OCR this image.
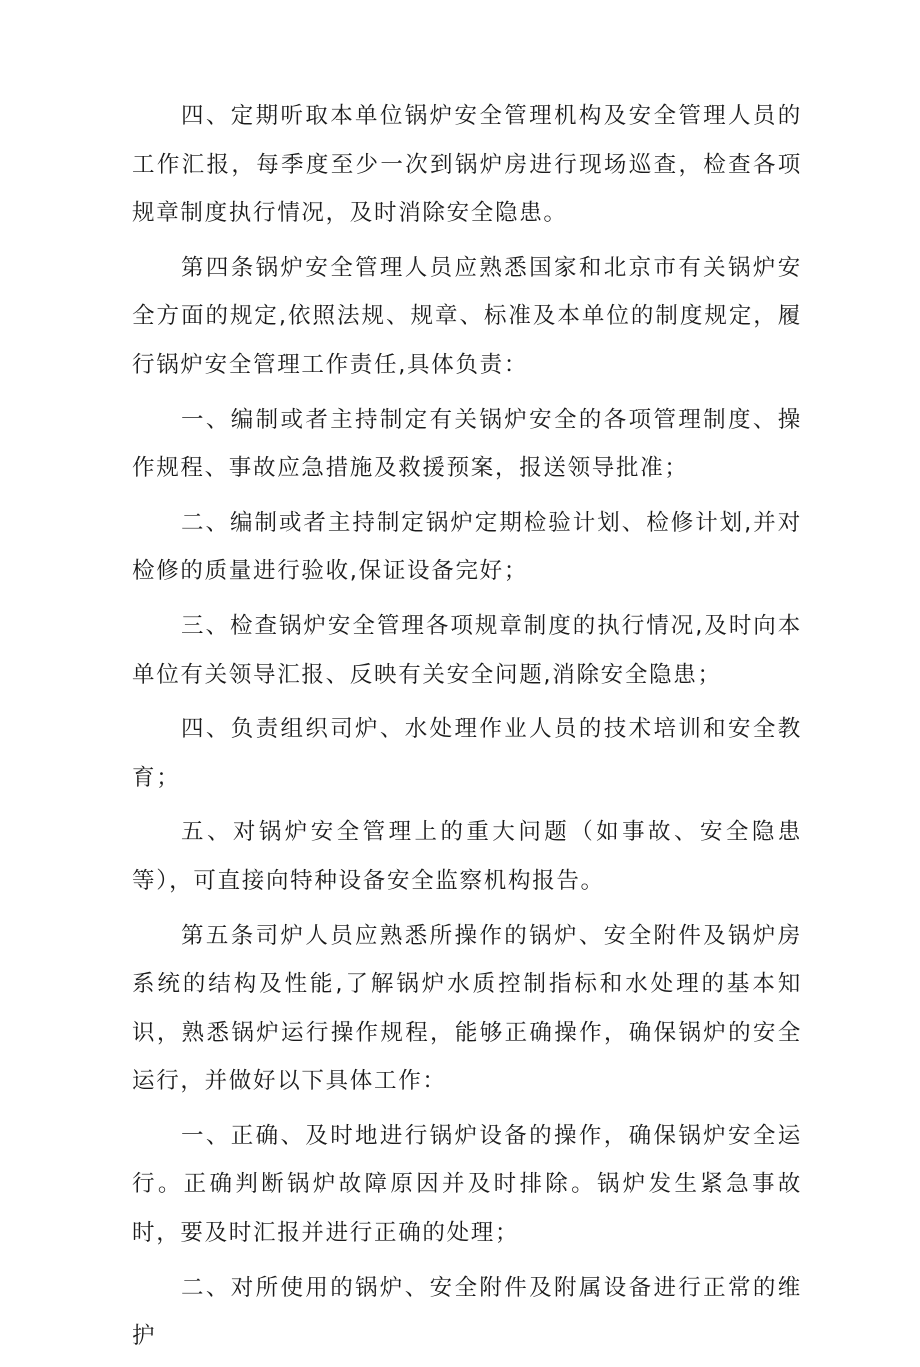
四、定期听取本单位锅炉安全管理机构及安全管理人员的工作汇报，每季度至少一次到锅炉房进行现场巡查，检查各项规章制度执行情况，及时消除安全隐患。

第四条锅炉安全管理人员应熟悉国家和北京市有关锅炉安全方面的规定,依照法规、规章、标准及本单位的制度规定，履行锅炉安全管理工作责任,具体负责：

一、编制或者主持制定有关锅炉安全的各项管理制度、操作规程、事故应急措施及救援预案，报送领导批准；

二、编制或者主持制定锅炉定期检验计划、检修计划,并对检修的质量进行验收,保证设备完好；

三、检查锅炉安全管理各项规章制度的执行情况,及时向本单位有关领导汇报、反映有关安全问题,消除安全隐患；

四、负责组织司炉、水处理作业人员的技术培训和安全教育；

五、对锅炉安全管理上的重大问题（如事故、安全隐患等），可直接向特种设备安全监察机构报告。

第五条司炉人员应熟悉所操作的锅炉、安全附件及锅炉房系统的结构及性能,了解锅炉水质控制指标和水处理的基本知识，熟悉锅炉运行操作规程，能够正确操作，确保锅炉的安全运行，并做好以下具体工作：

一、正确、及时地进行锅炉设备的操作，确保锅炉安全运行。正确判断锅炉故障原因并及时排除。锅炉发生紧急事故时，要及时汇报并进行正确的处理；

二、对所使用的锅炉、安全附件及附属设备进行正常的维护
